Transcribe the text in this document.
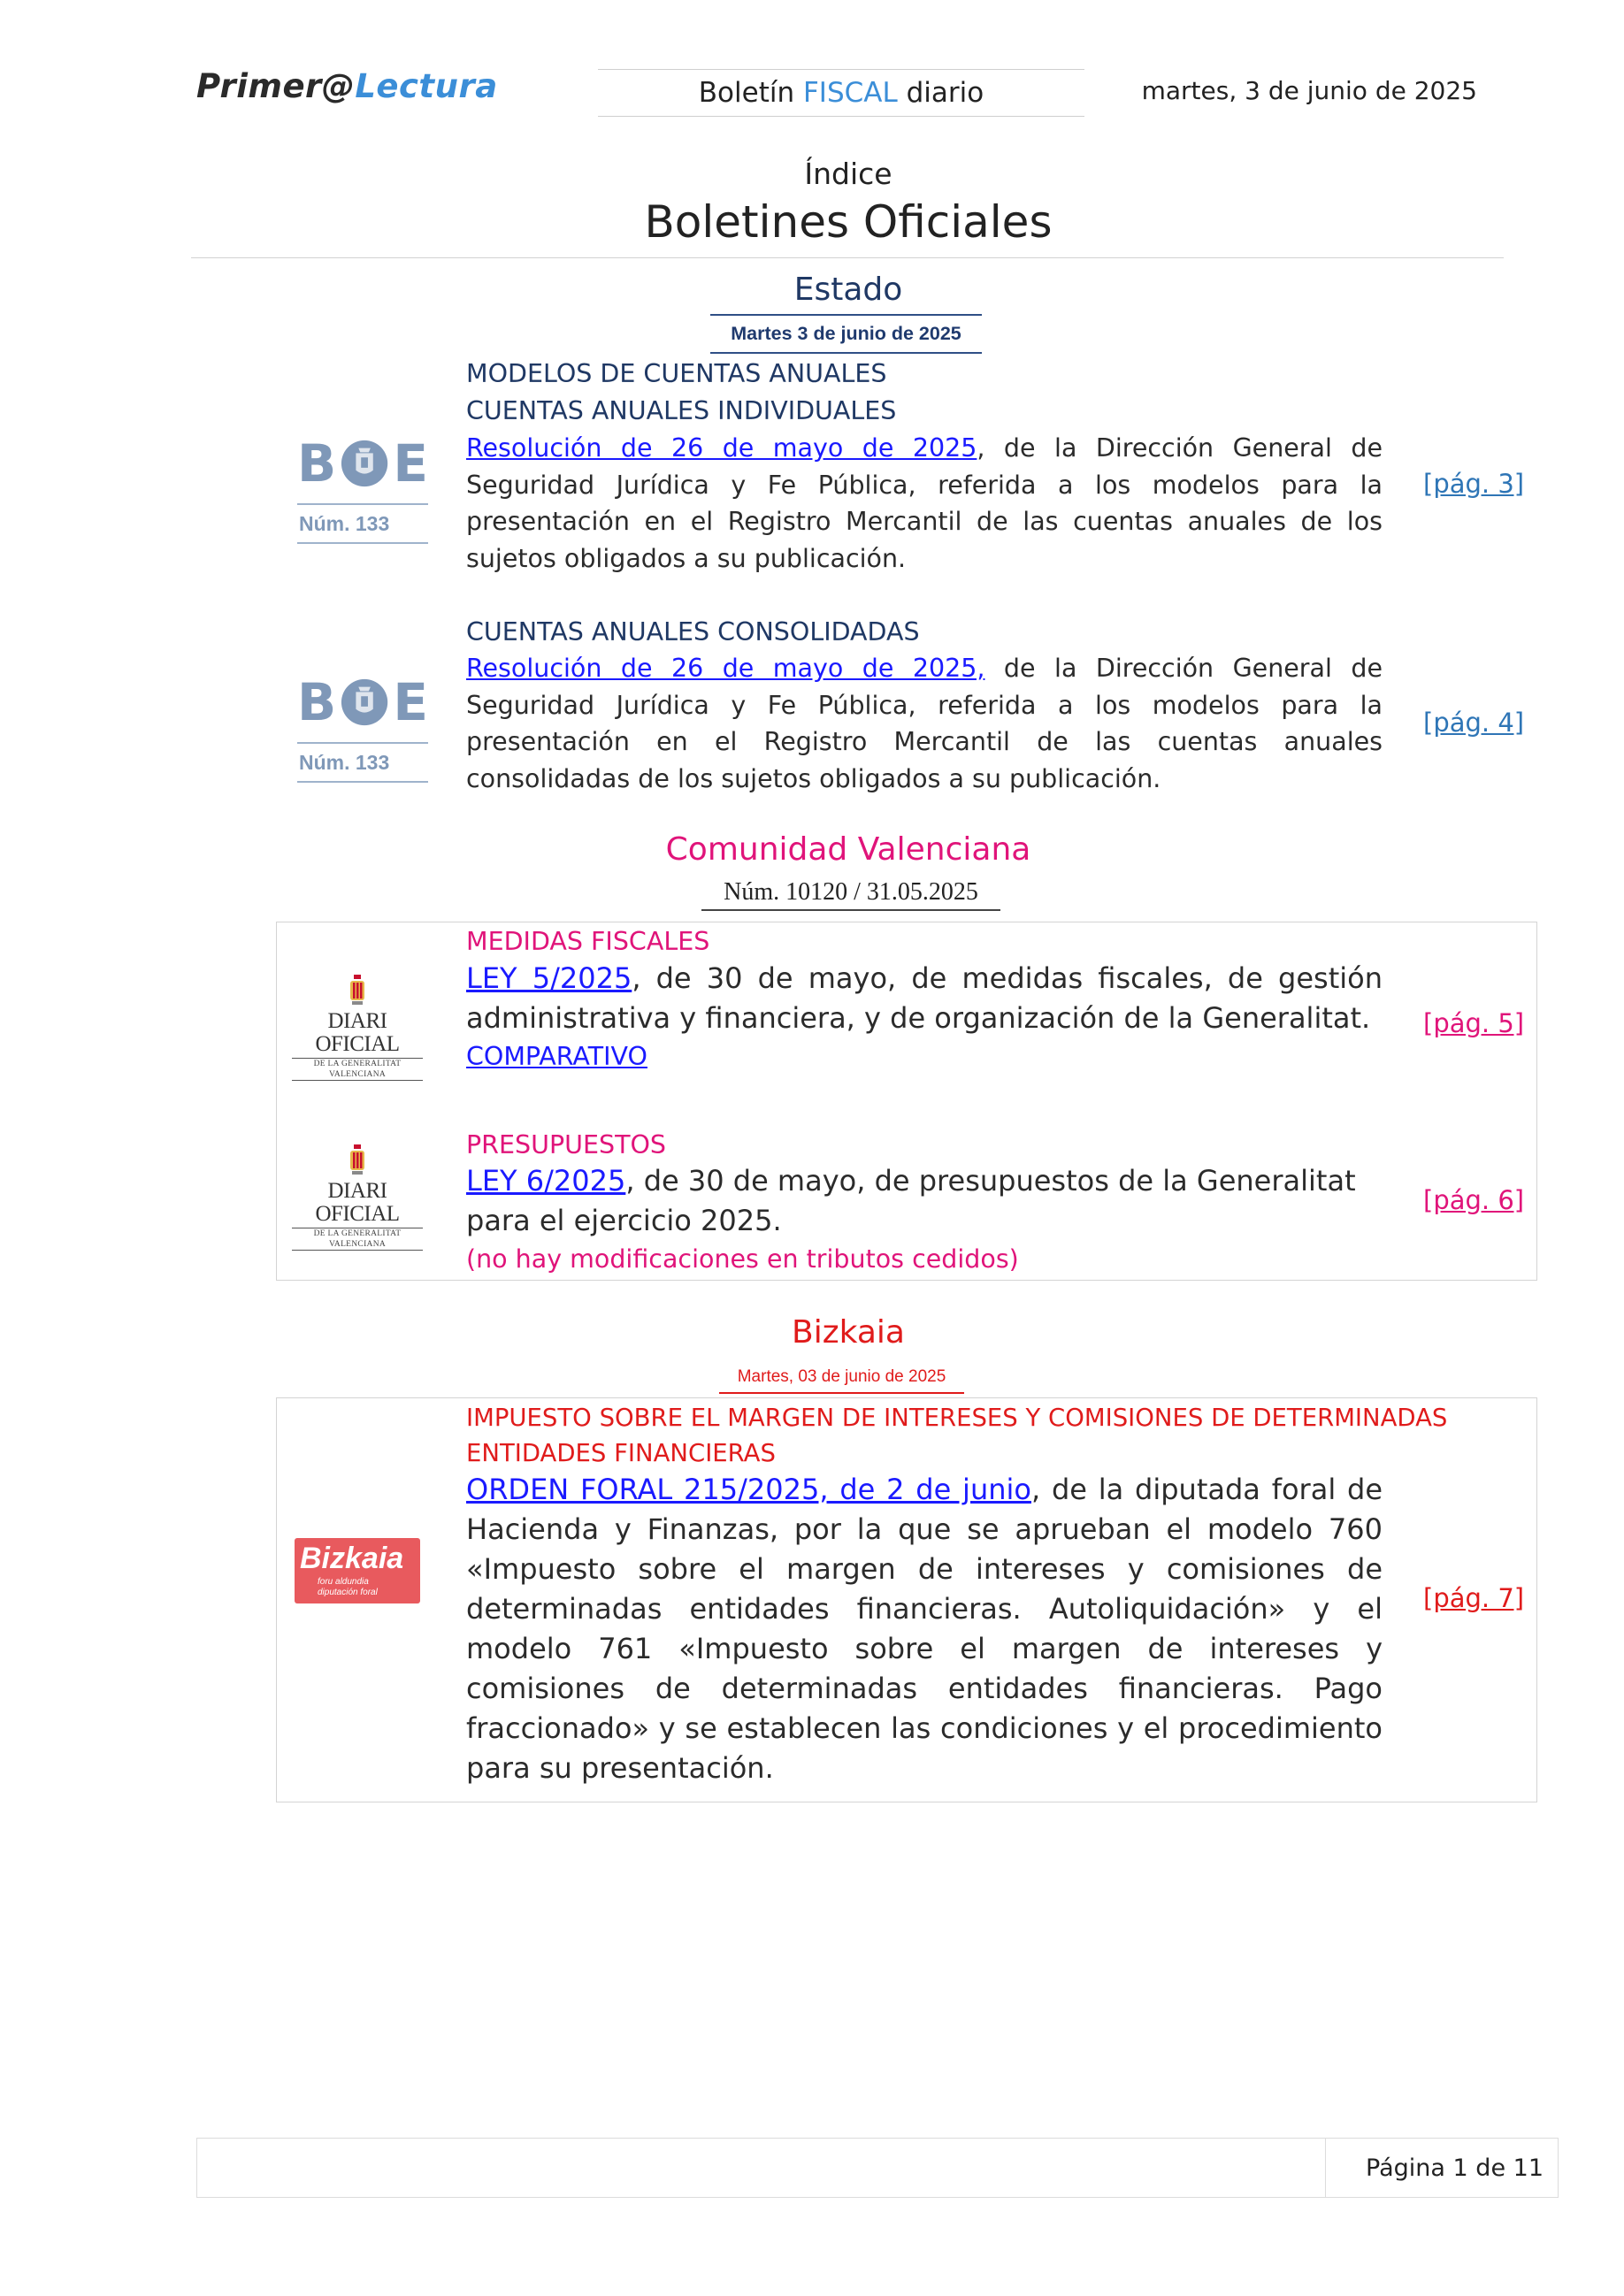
Primer@Lectura	Boletín FISCAL diario	martes, 3 de junio de 2025
Índice
Boletines Oficiales
Estado
Martes 3 de junio de 2025
B E
Núm. 133
MODELOS DE CUENTAS ANUALES
CUENTAS ANUALES INDIVIDUALES
Resolución de 26 de mayo de 2025, de la Dirección General de Seguridad Jurídica y Fe Pública, referida a los modelos para la presentación en el Registro Mercantil de las cuentas anuales de los sujetos obligados a su publicación.
[pág. 3]
B E
Núm. 133
CUENTAS ANUALES CONSOLIDADAS
Resolución de 26 de mayo de 2025, de la Dirección General de Seguridad Jurídica y Fe Pública, referida a los modelos para la presentación en el Registro Mercantil de las cuentas anuales consolidadas de los sujetos obligados a su publicación.
[pág. 4]
Comunidad Valenciana
Núm. 10120 / 31.05.2025
DIARI OFICIAL
DE LA GENERALITAT VALENCIANA
MEDIDAS FISCALES
LEY 5/2025, de 30 de mayo, de medidas fiscales, de gestión administrativa y financiera, y de organización de la Generalitat.
COMPARATIVO
[pág. 5]
DIARI OFICIAL
DE LA GENERALITAT VALENCIANA
PRESUPUESTOS
LEY 6/2025, de 30 de mayo, de presupuestos de la Generalitat para el ejercicio 2025.
(no hay modificaciones en tributos cedidos)
[pág. 6]
Bizkaia
Martes, 03 de junio de 2025
Bizkaia
foru aldundia
diputación foral
IMPUESTO SOBRE EL MARGEN DE INTERESES Y COMISIONES DE DETERMINADAS
ENTIDADES FINANCIERAS
ORDEN FORAL 215/2025, de 2 de junio, de la diputada foral de Hacienda y Finanzas, por la que se aprueban el modelo 760 «Impuesto sobre el margen de intereses y comisiones de determinadas entidades financieras. Autoliquidación» y el modelo 761 «Impuesto sobre el margen de intereses y comisiones de determinadas entidades financieras. Pago fraccionado» y se establecen las condiciones y el procedimiento para su presentación.
[pág. 7]
Página 1 de 11
